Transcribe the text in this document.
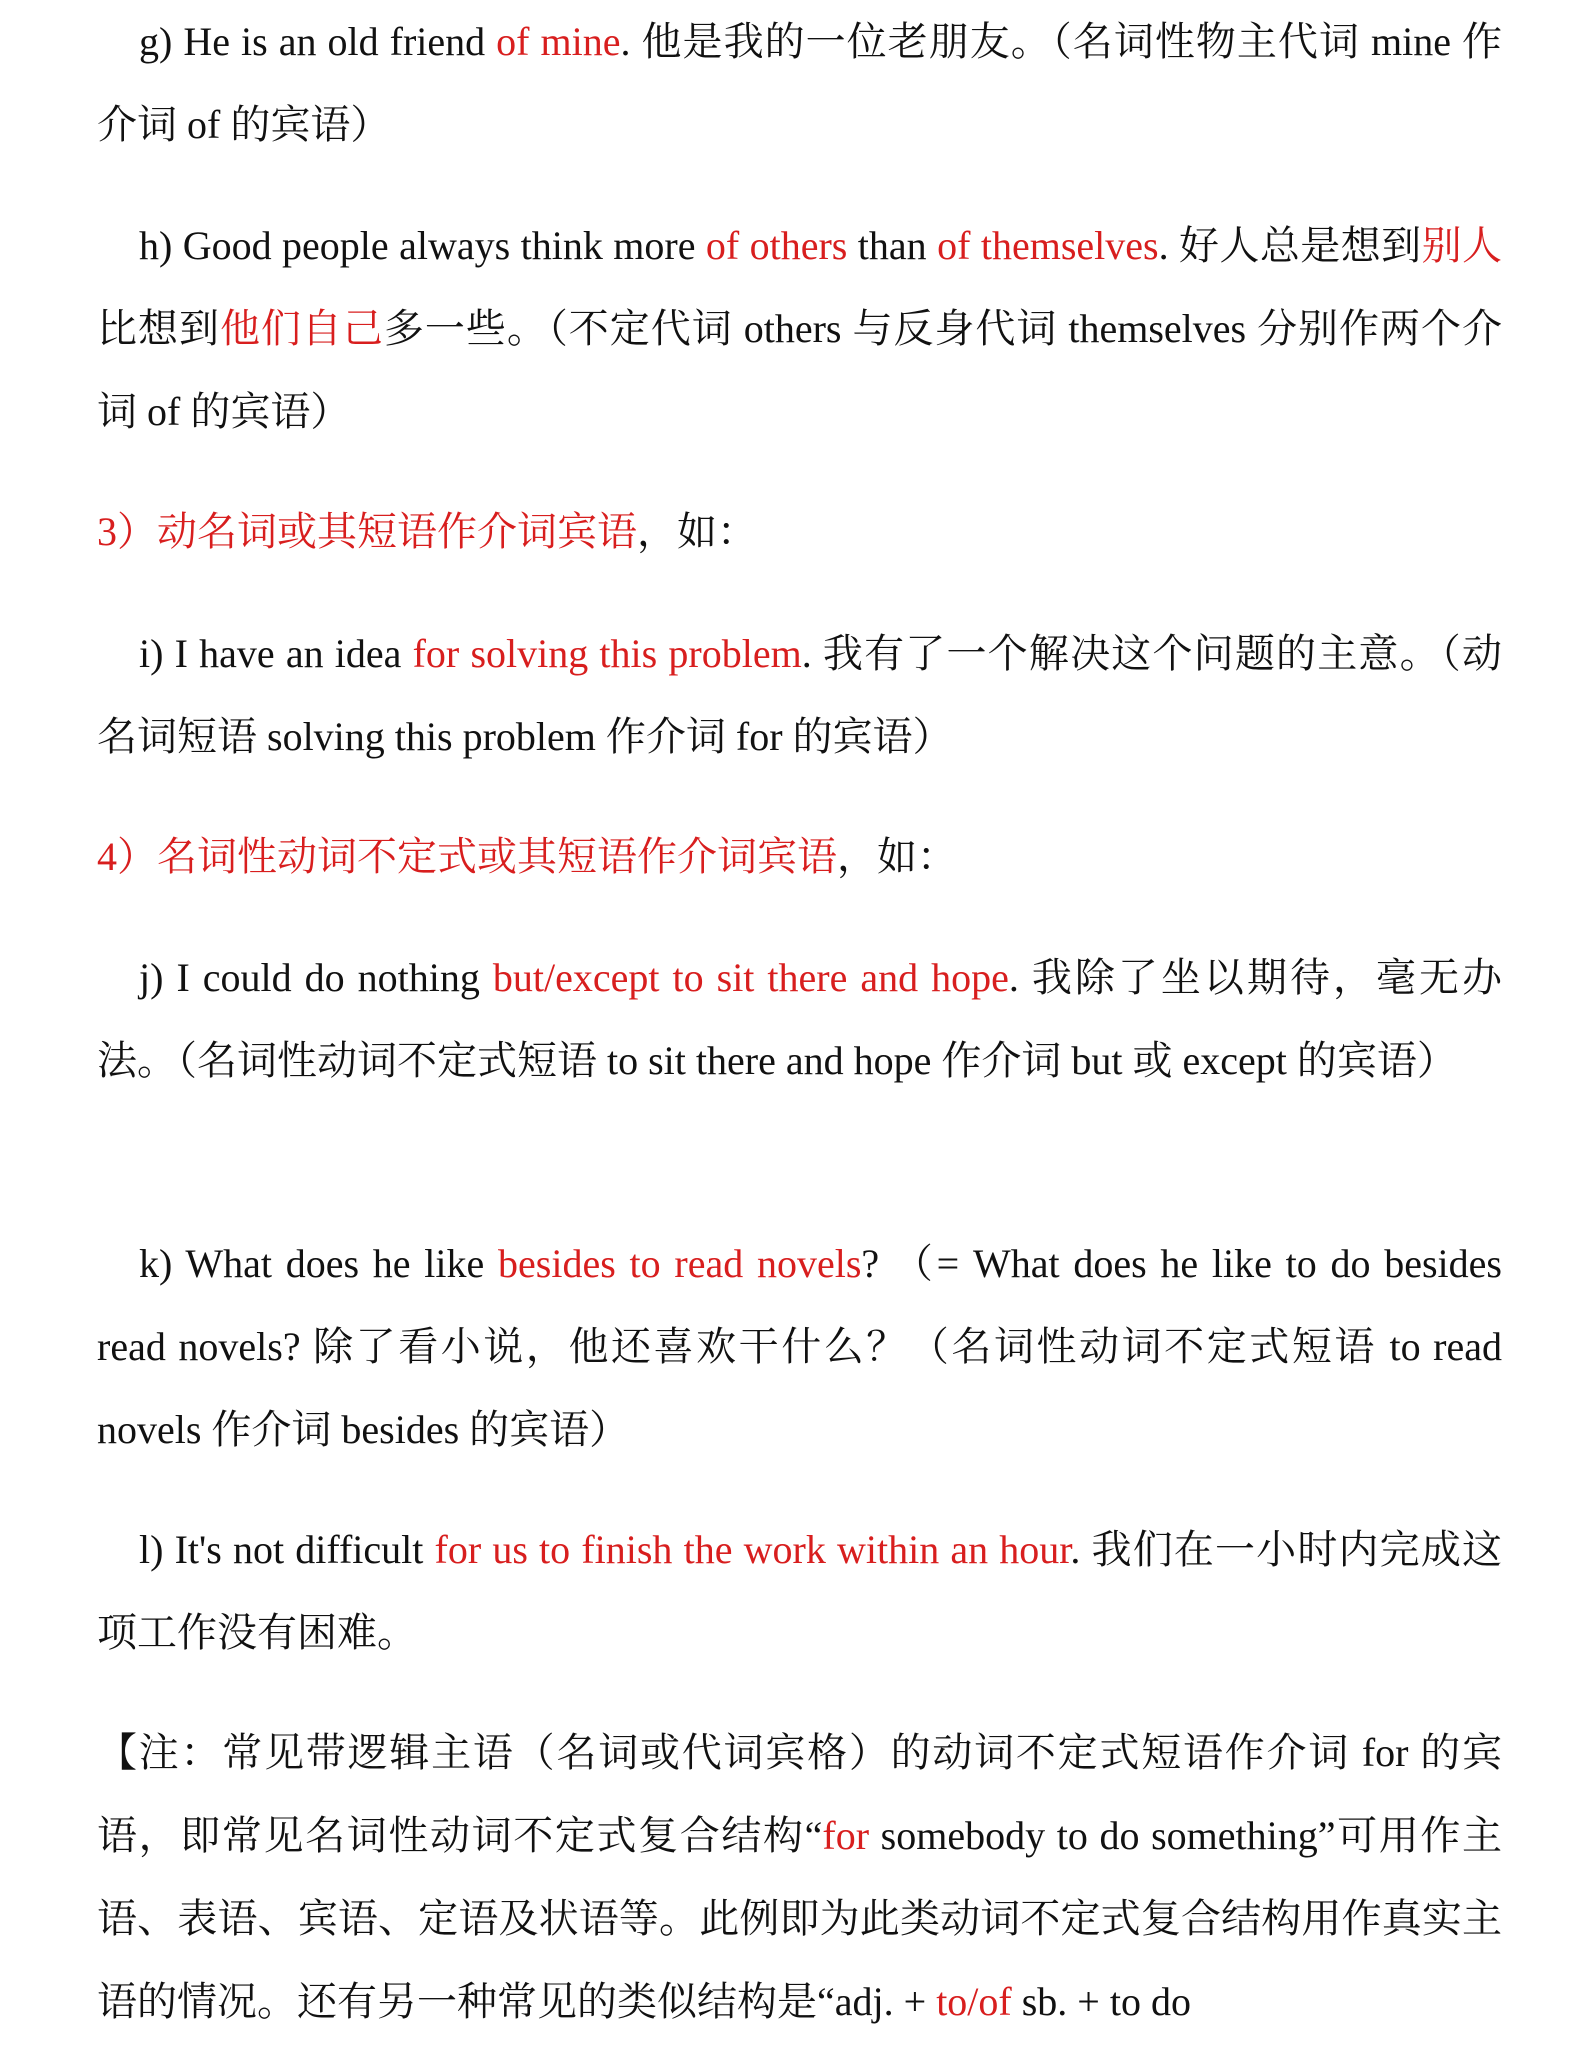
g) He is an old friend of mine. 他是我的一位老朋友。（名词性物主代词 mine 作介词 of 的宾语）

h) Good people always think more of others than of themselves. 好人总是想到别人比想到他们自己多一些。（不定代词 others 与反身代词 themselves 分别作两个介词 of 的宾语）

3）动名词或其短语作介词宾语，如：

i) I have an idea for solving this problem. 我有了一个解决这个问题的主意。（动名词短语 solving this problem 作介词 for 的宾语）

4）名词性动词不定式或其短语作介词宾语，如：

j) I could do nothing but/except to sit there and hope. 我除了坐以期待，毫无办法。（名词性动词不定式短语 to sit there and hope 作介词 but 或 except 的宾语）

k) What does he like besides to read novels? （= What does he like to do besides read novels? 除了看小说，他还喜欢干什么？（名词性动词不定式短语 to read novels 作介词 besides 的宾语）

l) It's not difficult for us to finish the work within an hour. 我们在一小时内完成这项工作没有困难。

【注：常见带逻辑主语（名词或代词宾格）的动词不定式短语作介词 for 的宾语，即常见名词性动词不定式复合结构“for somebody to do something”可用作主语、表语、宾语、定语及状语等。此例即为此类动词不定式复合结构用作真实主语的情况。还有另一种常见的类似结构是“adj. + to/of sb. + to do
